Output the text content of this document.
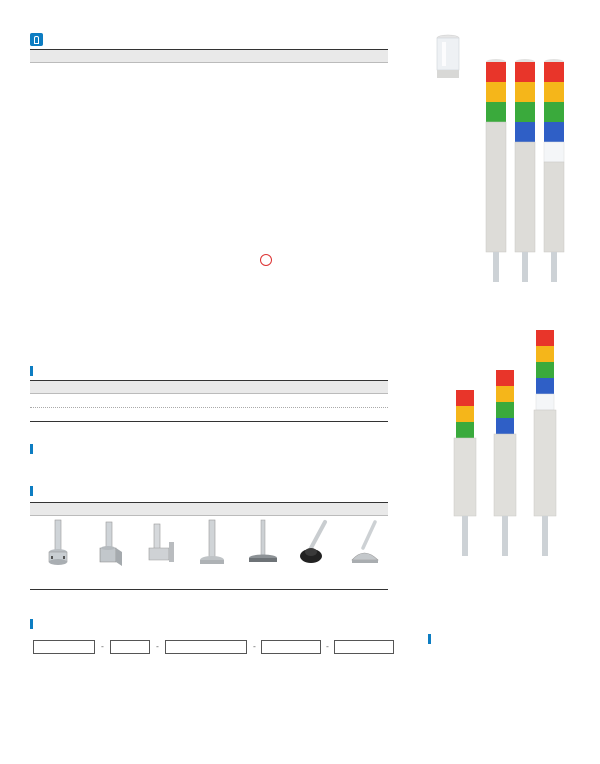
-	-	-	-
